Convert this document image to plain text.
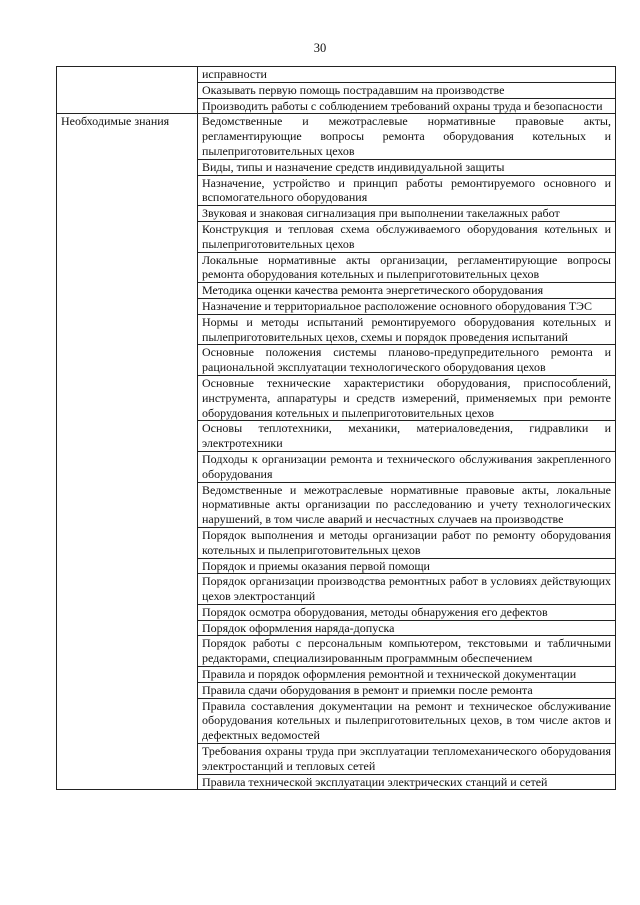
30
	исправности
	Оказывать первую помощь пострадавшим на производстве
	Производить работы с соблюдением требований охраны труда и безопасности
Необходимые знания	Ведомственные и межотраслевые нормативные правовые акты, регламентирующие вопросы ремонта оборудования котельных и пылеприготовительных цехов
	Виды, типы и назначение средств индивидуальной защиты
	Назначение, устройство и принцип работы ремонтируемого основного и вспомогательного оборудования
	Звуковая и знаковая сигнализация при выполнении такелажных работ
	Конструкция и тепловая схема обслуживаемого оборудования котельных и пылеприготовительных цехов
	Локальные нормативные акты организации, регламентирующие вопросы ремонта оборудования котельных и пылеприготовительных цехов
	Методика оценки качества ремонта энергетического оборудования
	Назначение и территориальное расположение основного оборудования ТЭС
	Нормы и методы испытаний ремонтируемого оборудования котельных и пылеприготовительных цехов, схемы и порядок проведения испытаний
	Основные положения системы планово-предупредительного ремонта и рациональной эксплуатации технологического оборудования цехов
	Основные технические характеристики оборудования, приспособлений, инструмента, аппаратуры и средств измерений, применяемых при ремонте оборудования котельных и пылеприготовительных цехов
	Основы теплотехники, механики, материаловедения, гидравлики и электротехники
	Подходы к организации ремонта и технического обслуживания закрепленного оборудования
	Ведомственные и межотраслевые нормативные правовые акты, локальные нормативные акты организации по расследованию и учету технологических нарушений, в том числе аварий и несчастных случаев на производстве
	Порядок выполнения и методы организации работ по ремонту оборудования котельных и пылеприготовительных цехов
	Порядок и приемы оказания первой помощи
	Порядок организации производства ремонтных работ в условиях действующих цехов электростанций
	Порядок осмотра оборудования, методы обнаружения его дефектов
	Порядок оформления наряда-допуска
	Порядок работы с персональным компьютером, текстовыми и табличными редакторами, специализированным программным обеспечением
	Правила и порядок оформления ремонтной и технической документации
	Правила сдачи оборудования в ремонт и приемки после ремонта
	Правила составления документации на ремонт и техническое обслуживание оборудования котельных и пылеприготовительных цехов, в том числе актов и дефектных ведомостей
	Требования охраны труда при эксплуатации тепломеханического оборудования электростанций и тепловых сетей
	Правила технической эксплуатации электрических станций и сетей
